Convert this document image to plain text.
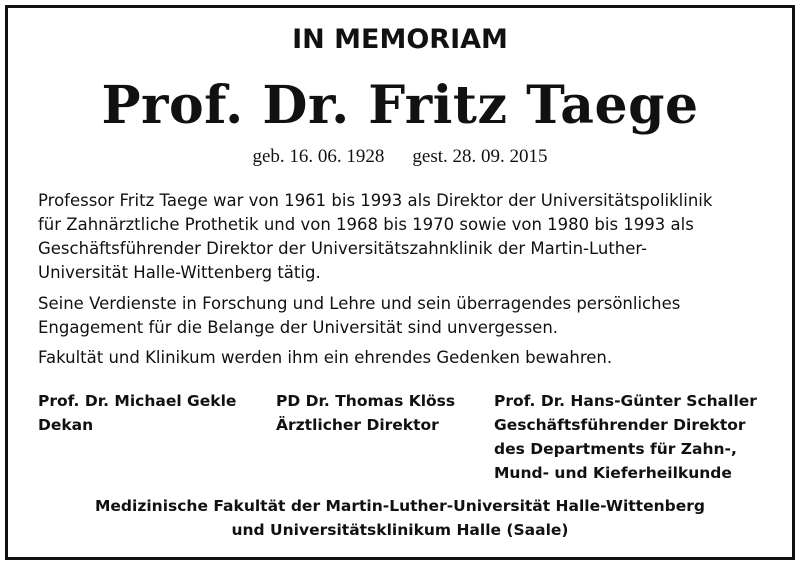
IN MEMORIAM
Prof. Dr. Fritz Taege
geb. 16. 06. 1928 gest. 28. 09. 2015
Professor Fritz Taege war von 1961 bis 1993 als Direktor der Universitätspoliklinik
für Zahnärztliche Prothetik und von 1968 bis 1970 sowie von 1980 bis 1993 als
Geschäftsführender Direktor der Universitätszahnklinik der Martin-Luther-
Universität Halle-Wittenberg tätig.
Seine Verdienste in Forschung und Lehre und sein überragendes persönliches
Engagement für die Belange der Universität sind unvergessen.
Fakultät und Klinikum werden ihm ein ehrendes Gedenken bewahren.
Prof. Dr. Michael Gekle
Dekan
PD Dr. Thomas Klöss
Ärztlicher Direktor
Prof. Dr. Hans-Günter Schaller
Geschäftsführender Direktor
des Departments für Zahn-,
Mund- und Kieferheilkunde
Medizinische Fakultät der Martin-Luther-Universität Halle-Wittenberg
und Universitätsklinikum Halle (Saale)
